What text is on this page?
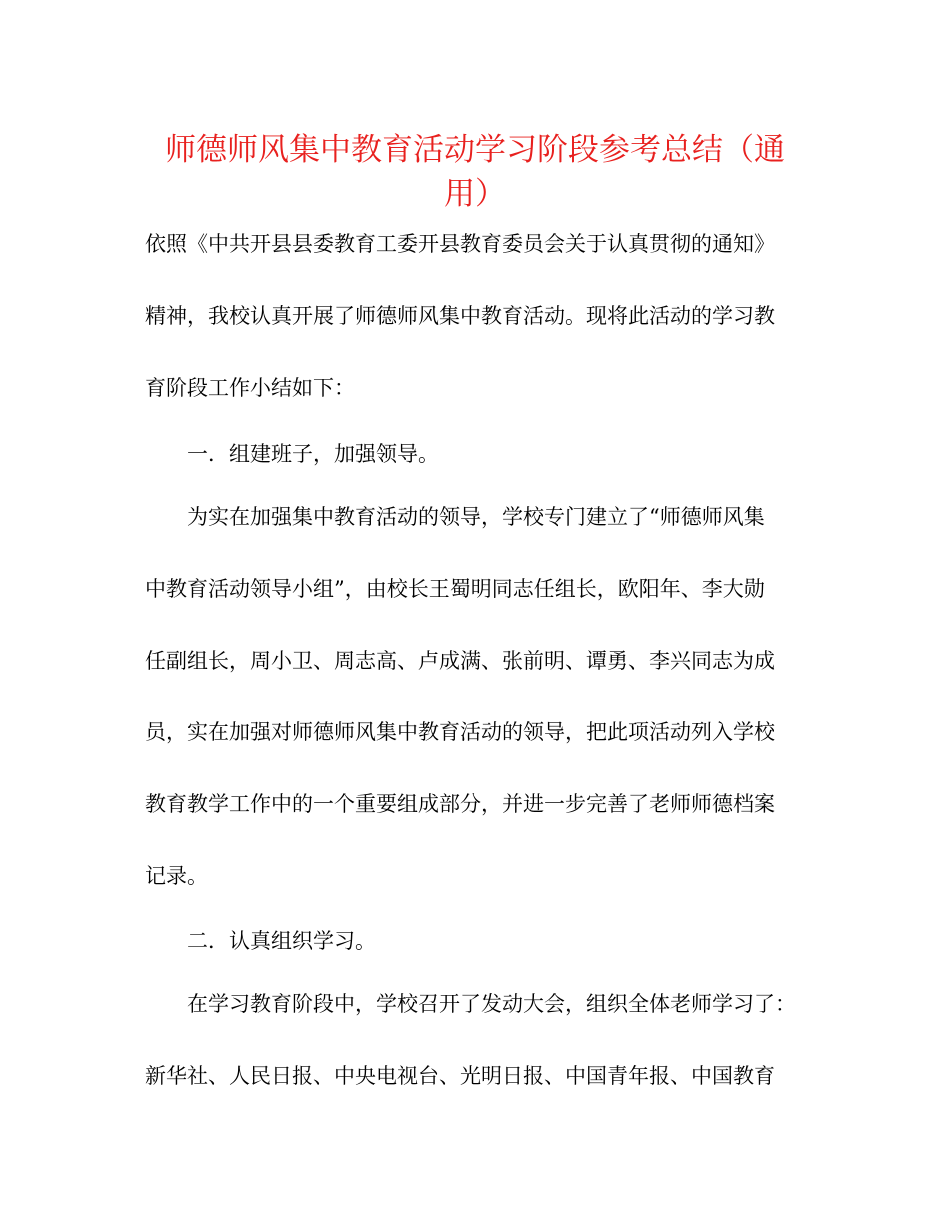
师德师风集中教育活动学习阶段参考总结（通
用）
依照《中共开县县委教育工委开县教育委员会关于认真贯彻的通知》
精神，我校认真开展了师德师风集中教育活动。现将此活动的学习教
育阶段工作小结如下：
一．组建班子，加强领导。
为实在加强集中教育活动的领导，学校专门建立了“师德师风集
中教育活动领导小组”，由校长王蜀明同志任组长，欧阳年、李大勋
任副组长，周小卫、周志高、卢成满、张前明、谭勇、李兴同志为成
员，实在加强对师德师风集中教育活动的领导，把此项活动列入学校
教育教学工作中的一个重要组成部分，并进一步完善了老师师德档案
记录。
二．认真组织学习。
在学习教育阶段中，学校召开了发动大会，组织全体老师学习了：
新华社、人民日报、中央电视台、光明日报、中国青年报、中国教育
